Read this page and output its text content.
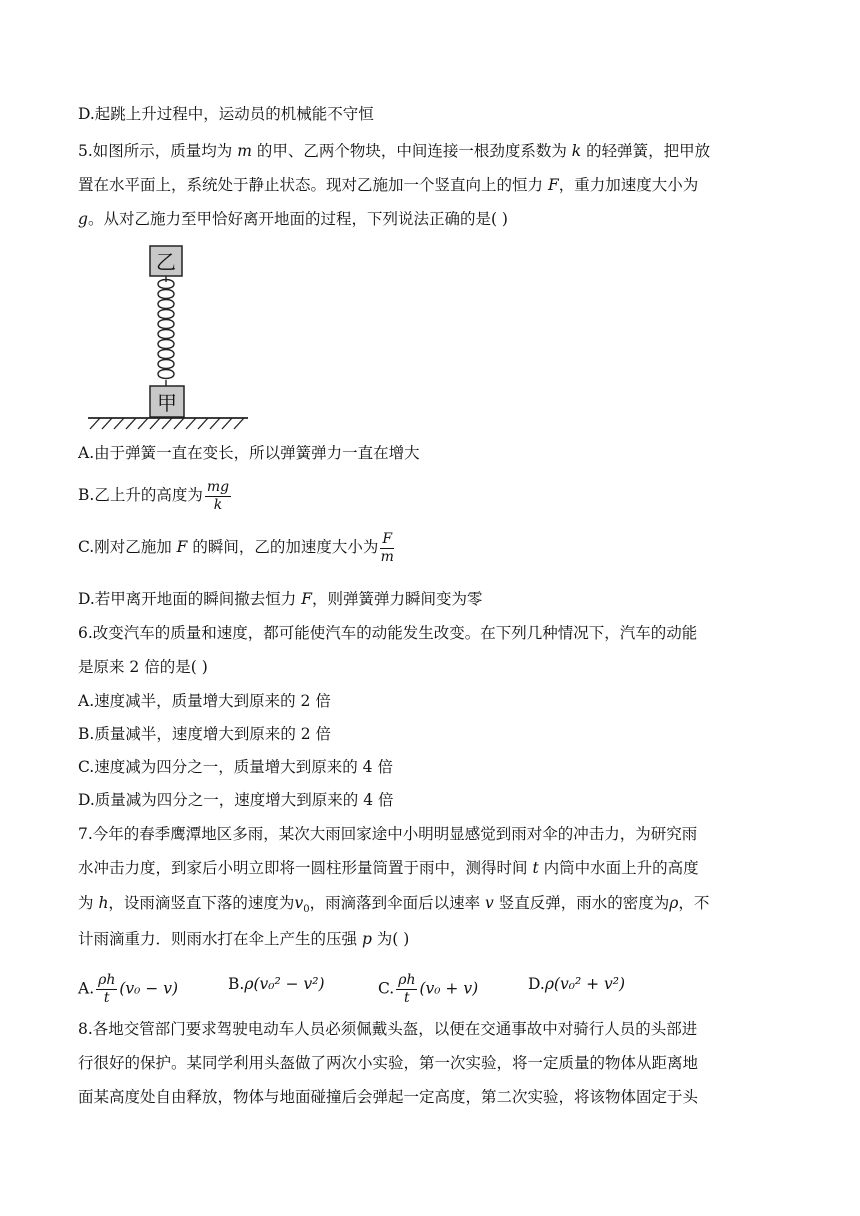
D.起跳上升过程中，运动员的机械能不守恒
5.如图所示，质量均为 m 的甲、乙两个物块，中间连接一根劲度系数为 k 的轻弹簧，把甲放
置在水平面上，系统处于静止状态。现对乙施加一个竖直向上的恒力 F，重力加速度大小为
g。从对乙施力至甲恰好离开地面的过程，下列说法正确的是( )
乙
甲
A.由于弹簧一直在变长，所以弹簧弹力一直在增大
B.乙上升的高度为 $\frac{mg}{k}$
C.刚对乙施加 F 的瞬间，乙的加速度大小为 $\frac{F}{m}$
D.若甲离开地面的瞬间撤去恒力 F，则弹簧弹力瞬间变为零
6.改变汽车的质量和速度，都可能使汽车的动能发生改变。在下列几种情况下，汽车的动能
是原来 2 倍的是( )
A.速度减半，质量增大到原来的 2 倍
B.质量减半，速度增大到原来的 2 倍
C.速度减为四分之一，质量增大到原来的 4 倍
D.质量减为四分之一，速度增大到原来的 4 倍
7.今年的春季鹰潭地区多雨，某次大雨回家途中小明明显感觉到雨对伞的冲击力，为研究雨
水冲击力度，到家后小明立即将一圆柱形量筒置于雨中，测得时间 t 内筒中水面上升的高度
为 h，设雨滴竖直下落的速度为$v_0$，雨滴落到伞面后以速率 v 竖直反弹，雨水的密度为ρ，不
计雨滴重力．则雨水打在伞上产生的压强 p 为( )
A. $\frac{\rho h}{t} (v_0 - v)$	B.ρ(v₀² − v²)	C. $\frac{\rho h}{t} (v_0 + v)$	D.ρ(v₀² + v²)
8.各地交管部门要求驾驶电动车人员必须佩戴头盔，以便在交通事故中对骑行人员的头部进
行很好的保护。某同学利用头盔做了两次小实验，第一次实验，将一定质量的物体从距离地
面某高度处自由释放，物体与地面碰撞后会弹起一定高度，第二次实验，将该物体固定于头
